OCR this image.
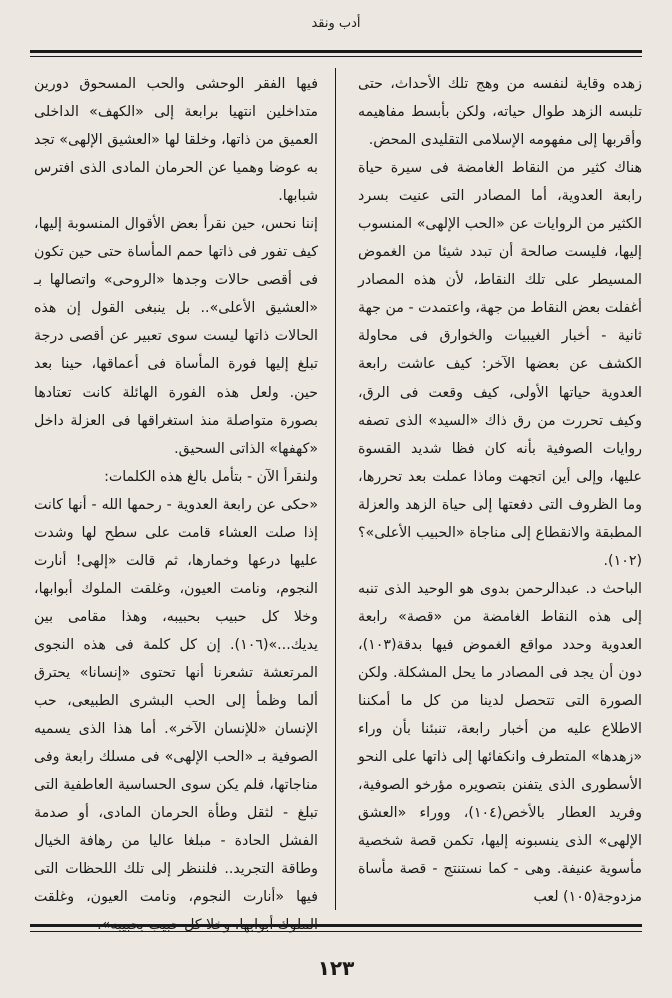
أدب ونقد

زهده وقاية لنفسه من وهج تلك الأحداث، حتى تلبسه الزهد طوال حياته، ولكن بأبسط مفاهيمه وأقربها إلى مفهومه الإسلامى التقليدى المحض.

هناك كثير من النقاط الغامضة فى سيرة حياة رابعة العدوية، أما المصادر التى عنيت بسرد الكثير من الروايات عن «الحب الإلهى» المنسوب إليها، فليست صالحة أن تبدد شيئا من الغموض المسيطر على تلك النقاط، لأن هذه المصادر أغفلت بعض النقاط من جهة، واعتمدت - من جهة ثانية - أخبار الغيبيات والخوارق فى محاولة الكشف عن بعضها الآخر: كيف عاشت رابعة العدوية حياتها الأولى، كيف وقعت فى الرق، وكيف تحررت من رق ذاك «السيد» الذى تصفه روايات الصوفية بأنه كان فظا شديد القسوة عليها، وإلى أين اتجهت وماذا عملت بعد تحررها، وما الظروف التى دفعتها إلى حياة الزهد والعزلة المطبقة والانقطاع إلى مناجاة «الحبيب الأعلى»؟(١٠٢).

الباحث د. عبدالرحمن بدوى هو الوحيد الذى تنبه إلى هذه النقاط الغامضة من «قصة» رابعة العدوية وحدد مواقع الغموض فيها بدقة(١٠٣)، دون أن يجد فى المصادر ما يحل المشكلة. ولكن الصورة التى تتحصل لدينا من كل ما أمكننا الاطلاع عليه من أخبار رابعة، تنبئنا بأن وراء «زهدها» المتطرف وانكفائها إلى ذاتها على النحو الأسطورى الذى يتفنن بتصويره مؤرخو الصوفية، وفريد العطار بالأخص(١٠٤)، ووراء «العشق الإلهى» الذى ينسبونه إليها، تكمن قصة شخصية مأسوية عنيفة. وهى - كما نستنتج - قصة مأساة مزدوجة(١٠٥) لعب

فيها الفقر الوحشى والحب المسحوق دورين متداخلين انتهيا برابعة إلى «الكهف» الداخلى العميق من ذاتها، وخلقا لها «العشيق الإلهى» تجد به عوضا وهميا عن الحرمان المادى الذى افترس شبابها.

إننا نحس، حين نقرأ بعض الأقوال المنسوبة إليها، كيف تفور فى ذاتها حمم المأساة حتى حين تكون فى أقصى حالات وجدها «الروحى» واتصالها بـ «العشيق الأعلى».. بل ينبغى القول إن هذه الحالات ذاتها ليست سوى تعبير عن أقصى درجة تبلغ إليها فورة المأساة فى أعماقها، حينا بعد حين. ولعل هذه الفورة الهائلة كانت تعتادها بصورة متواصلة منذ استغراقها فى العزلة داخل «كهفها» الذاتى السحيق.

ولنقرأ الآن - بتأمل بالغ هذه الكلمات:

«حكى عن رابعة العدوية - رحمها الله - أنها كانت إذا صلت العشاء قامت على سطح لها وشدت عليها درعها وخمارها، ثم قالت «إلهى! أنارت النجوم، ونامت العيون، وغلقت الملوك أبوابها، وخلا كل حبيب بحبيبه، وهذا مقامى بين يديك...»(١٠٦). إن كل كلمة فى هذه النجوى المرتعشة تشعرنا أنها تحتوى «إنسانا» يحترق ألما وظمأ إلى الحب البشرى الطبيعى، حب الإنسان «للإنسان الآخر». أما هذا الذى يسميه الصوفية بـ «الحب الإلهى» فى مسلك رابعة وفى مناجاتها، فلم يكن سوى الحساسية العاطفية التى تبلغ - لثقل وطأة الحرمان المادى، أو صدمة الفشل الحادة - مبلغا عاليا من رهافة الخيال وطاقة التجريد.. فلننظر إلى تلك اللحظات التى فيها «أنارت النجوم، ونامت العيون، وغلقت

١٢٣
